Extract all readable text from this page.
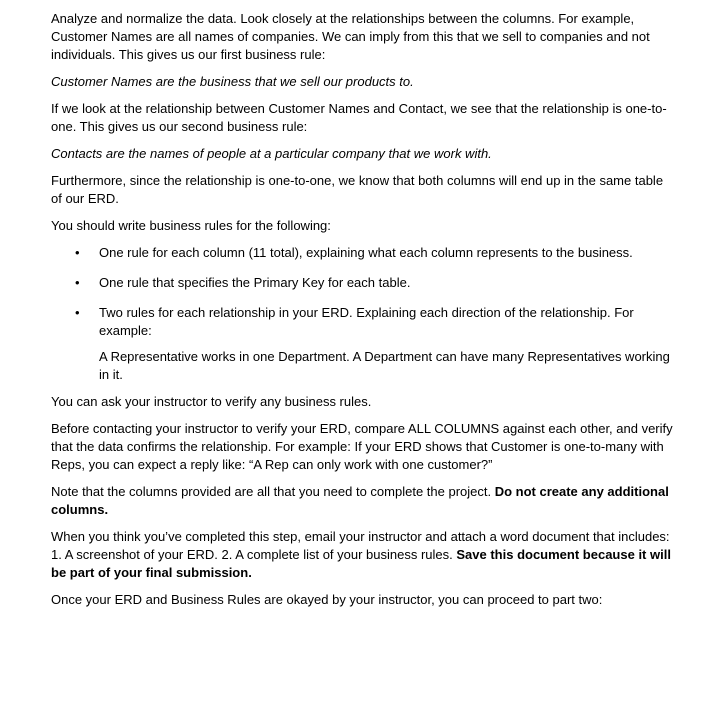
Analyze and normalize the data. Look closely at the relationships between the columns. For example, Customer Names are all names of companies. We can imply from this that we sell to companies and not individuals. This gives us our first business rule:

Customer Names are the business that we sell our products to.

If we look at the relationship between Customer Names and Contact, we see that the relationship is one-to-one. This gives us our second business rule:

Contacts are the names of people at a particular company that we work with.

Furthermore, since the relationship is one-to-one, we know that both columns will end up in the same table of our ERD.

You should write business rules for the following:

• One rule for each column (11 total), explaining what each column represents to the business.
• One rule that specifies the Primary Key for each table.
• Two rules for each relationship in your ERD. Explaining each direction of the relationship. For example:

A Representative works in one Department. A Department can have many Representatives working in it.

You can ask your instructor to verify any business rules.

Before contacting your instructor to verify your ERD, compare ALL COLUMNS against each other, and verify that the data confirms the relationship. For example: If your ERD shows that Customer is one-to-many with Reps, you can expect a reply like: “A Rep can only work with one customer?”

Note that the columns provided are all that you need to complete the project. Do not create any additional columns.

When you think you’ve completed this step, email your instructor and attach a word document that includes: 1. A screenshot of your ERD. 2. A complete list of your business rules. Save this document because it will be part of your final submission.

Once your ERD and Business Rules are okayed by your instructor, you can proceed to part two:
